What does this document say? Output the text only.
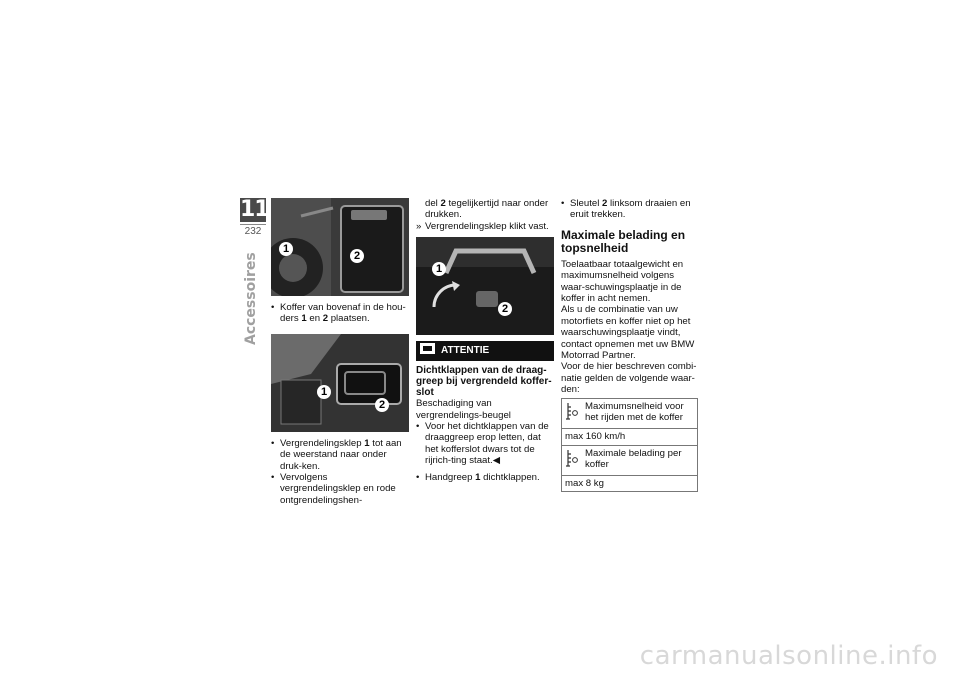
11
232
Accessoires
1
2
• Koffer van bovenaf in de hou-ders 1 en 2 plaatsen.
1
2
• Vergrendelingsklep 1 tot aan de weerstand naar onder druk-ken.
• Vervolgens vergrendelingsklep en rode ontgrendelingshen-
del 2 tegelijkertijd naar onder drukken.
» Vergrendelingsklep klikt vast.
1
2
ATTENTIE
Dichtklappen van de draag-greep bij vergrendeld koffer-slot

Beschadiging van vergrendelings-beugel

• Voor het dichtklappen van de draaggreep erop letten, dat het kofferslot dwars tot de rijrich-ting staat.◀
• Handgreep 1 dichtklappen.
• Sleutel 2 linksom draaien en eruit trekken.
Maximale belading en topsnelheid

Toelaatbaar totaalgewicht en maximumsnelheid volgens waar-schuwingsplaatje in de koffer in acht nemen.

Als u de combinatie van uw motorfiets en koffer niet op het waarschuwingsplaatje vindt, contact opnemen met uw BMW Motorrad Partner.

Voor de hier beschreven combi-natie gelden de volgende waar-den:

Maximumsnelheid voor het rijden met de koffer
max 160 km/h

Maximale belading per koffer
max 8 kg
carmanualsonline.info
